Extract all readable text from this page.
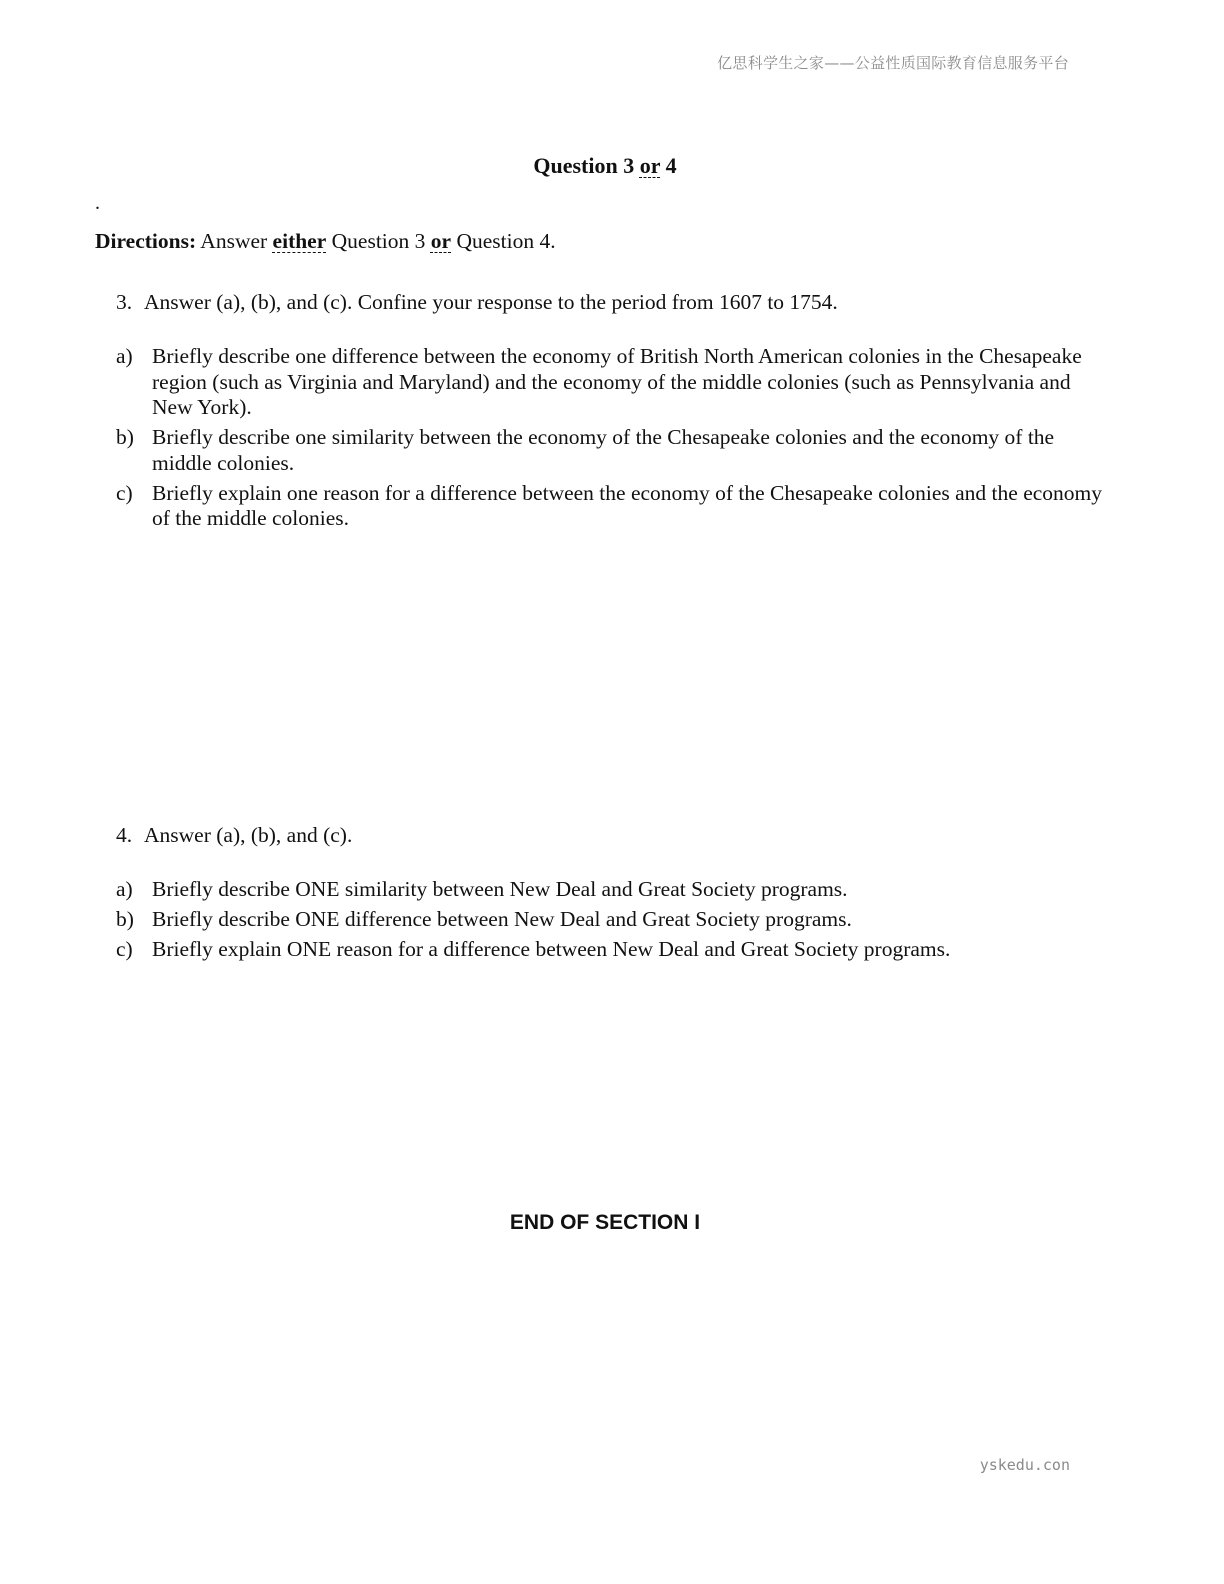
亿思科学生之家——公益性质国际教育信息服务平台
Question 3 or 4
.
Directions: Answer either Question 3 or Question 4.
3. Answer (a), (b), and (c). Confine your response to the period from 1607 to 1754.
a) Briefly describe one difference between the economy of British North American colonies in the Chesapeake region (such as Virginia and Maryland) and the economy of the middle colonies (such as Pennsylvania and New York).
b) Briefly describe one similarity between the economy of the Chesapeake colonies and the economy of the middle colonies.
c) Briefly explain one reason for a difference between the economy of the Chesapeake colonies and the economy of the middle colonies.
4. Answer (a), (b), and (c).
a) Briefly describe ONE similarity between New Deal and Great Society programs.
b) Briefly describe ONE difference between New Deal and Great Society programs.
c) Briefly explain ONE reason for a difference between New Deal and Great Society programs.
END OF SECTION I
yskedu.con
